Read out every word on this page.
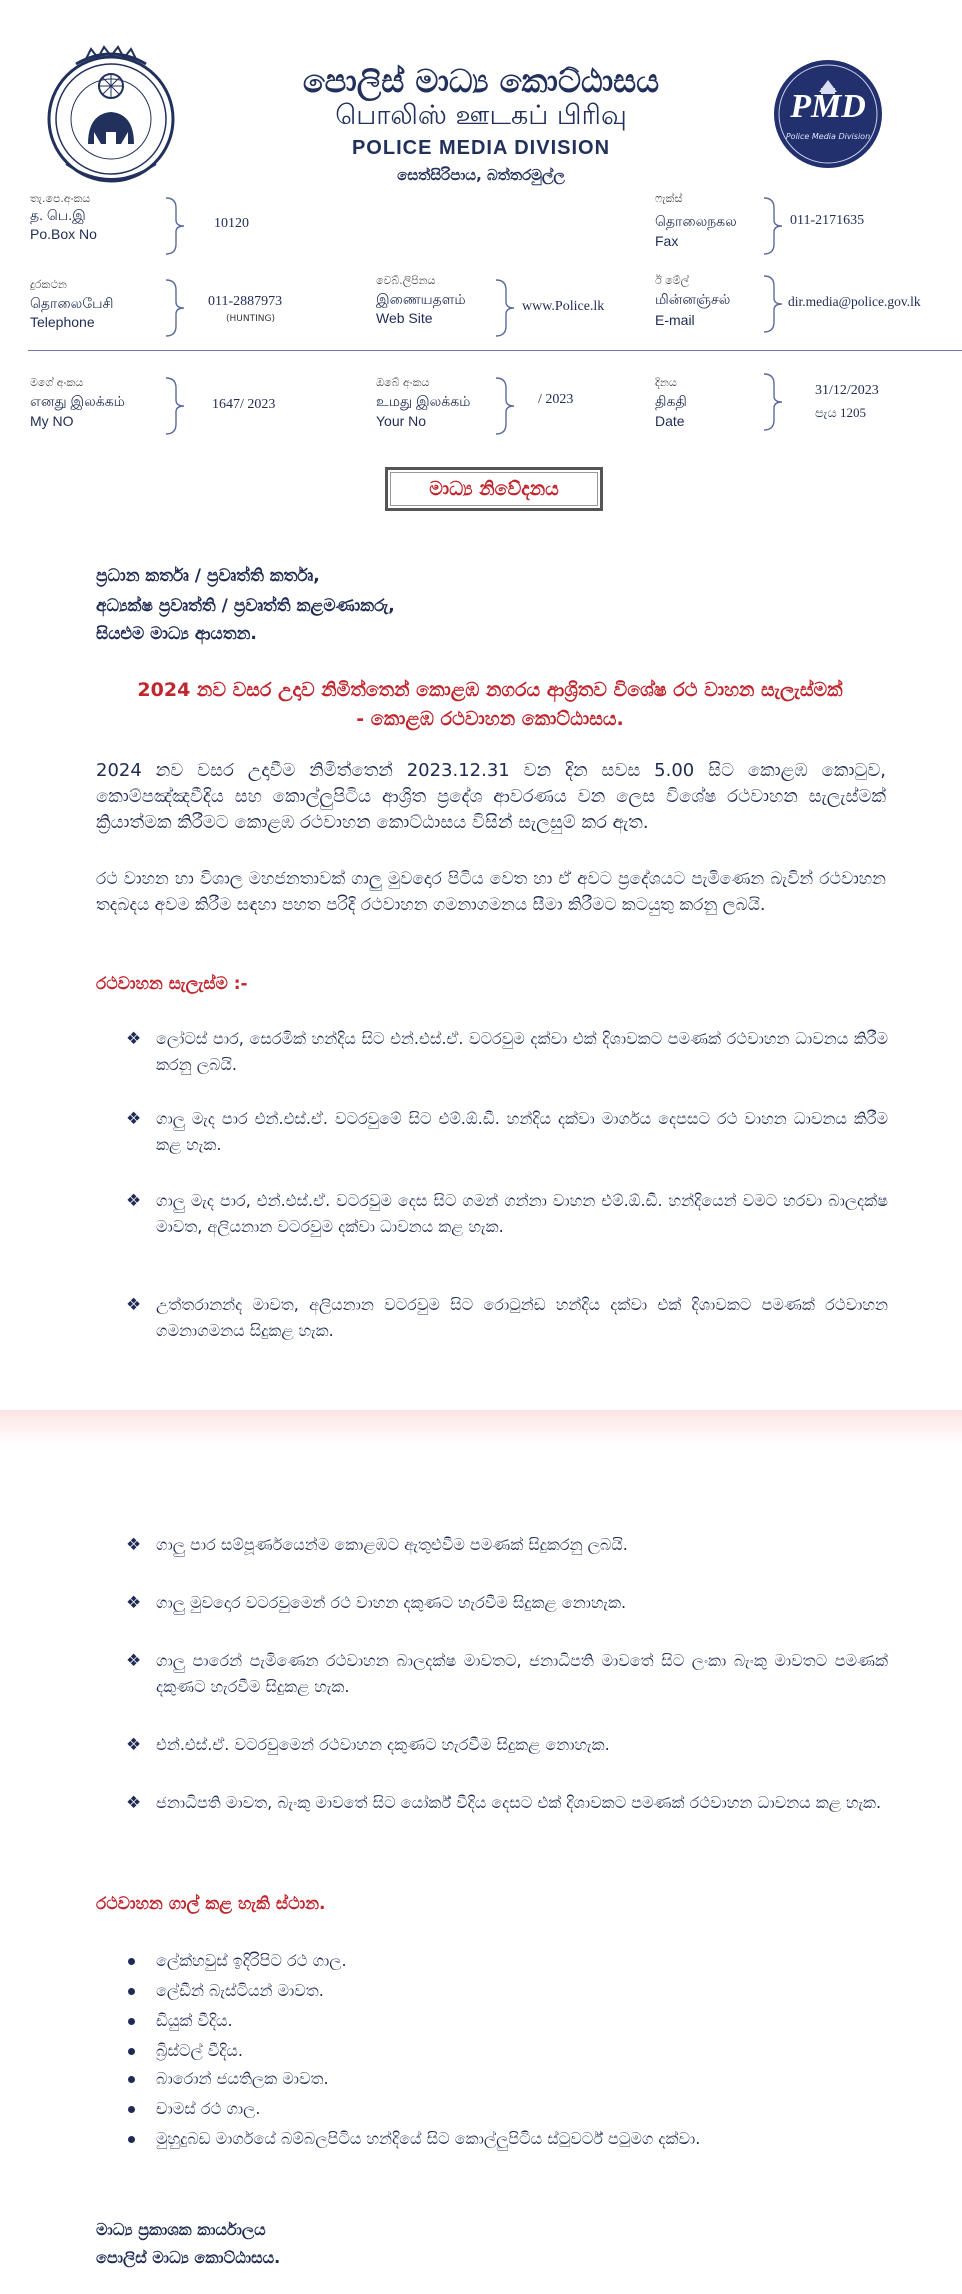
PMD
Police Media Division
පොලිස් මාධ්‍ය කොට්ඨාසය
பொலிஸ் ஊடகப் பிரிவு
POLICE MEDIA DIVISION
සෙත්සිරිපාය, බත්තරමුල්ල
තැ.පෙ.අංකය
த. பெ.இ
Po.Box No
10120
ෆැක්ස්
தொலைநகல
Fax
011-2171635
දුරකථන
தொலைபேசி
Telephone
011-2887973
(HUNTING)
වෙබ්.ලිපිනය
இணையதளம்
Web Site
www.Police.lk
ඊ මේල්
மின்னஞ்சல்
E-mail
dir.media@police.gov.lk
මගේ අංකය
எனது இலக்கம்
My NO
1647/ 2023
ඔබේ අංකය
உமது இலக்கம்
Your No
/ 2023
දිනය
திகதி
Date
31/12/2023
පැය 1205
මාධ්‍ය නිවේදනය
ප්‍රධාන කර්තෘ / ප්‍රවෘත්ති කර්තෘ,
අධ්‍යක්ෂ ප්‍රවෘත්ති / ප්‍රවෘත්ති කළමණාකරු,
සියළුම මාධ්‍ය ආයතන.
2024 නව වසර උදාව නිමිත්තෙන් කොළඹ නගරය ආශ්‍රිතව විශේෂ රථ වාහන සැලැස්මක්
- කොළඹ රථවාහන කොට්ඨාසය.
2024 නව වසර උදාවීම නිමිත්තෙන් 2023.12.31 වන දින සවස 5.00 සිට කොළඹ කොටුව, කොම්පඤ්ඤවීදිය සහ කොල්ලුපිටිය ආශ්‍රිත ප්‍රදේශ ආවරණය වන ලෙස විශේෂ රථවාහන සැලැස්මක් ක්‍රියාත්මක කිරීමට කොළඹ රථවාහන කොට්ඨාසය විසින් සැලසුම් කර ඇත.
රථ වාහන හා විශාල මහජනතාවක් ගාලු මුවදොර පිටිය වෙත හා ඒ අවට ප්‍රදේශයට පැමිණෙන බැවින් රථවාහන තදබදය අවම කිරීම සඳහා පහත පරිදි රථවාහන ගමනාගමනය සීමා කිරීමට කටයුතු කරනු ලබයි.
රථවාහන සැලැස්ම :-
❖ ලෝටස් පාර, සෙරමික් හන්දිය සිට එන්.එස්.ඒ. වටරවුම දක්වා එක් දිශාවකට පමණක් රථවාහන ධාවනය කිරීම කරනු ලබයි.
❖ ගාලු මැද පාර එන්.එස්.ඒ. වටරවුමේ සිට එම්.ඕ.ඩී. හන්දිය දක්වා මාර්ගය දෙපසට රථ වාහන ධාවනය කිරීම කළ හැක.
❖ ගාලු මැද පාර, එන්.එස්.ඒ. වටරවුම දෙස සිට ගමන් ගන්නා වාහන එම්.ඕ.ඩී. හන්දියෙන් වමට හරවා බාලදක්ෂ මාවත, අලියනාන වටරවුම දක්වා ධාවනය කළ හැක.
❖ උත්තරානන්ද මාවත, අලියනාන වටරවුම සිට රොටුන්ඩ හන්දිය දක්වා එක් දිශාවකට පමණක් රථවාහන ගමනාගමනය සිදුකළ හැක.
❖ ගාලු පාර සම්පූර්ණයෙන්ම කොළඹට ඇතුළුවීම පමණක් සිදුකරනු ලබයි.
❖ ගාලු මුවදොර වටරවුමෙන් රථ වාහන දකුණට හැරවීම සිදුකළ නොහැක.
❖ ගාලු පාරෙන් පැමිණෙන රථවාහන බාලදක්ෂ මාවතට, ජනාධිපති මාවතේ සිට ලංකා බැංකු මාවතට පමණක් දකුණට හැරවීම සිදුකළ හැක.
❖ එන්.එස්.ඒ. වටරවුමෙන් රථවාහන දකුණට හැරවීම සිදුකළ නොහැක.
❖ ජනාධිපති මාවත, බැංකු මාවතේ සිට යෝර්ක් වීදිය දෙසට එක් දිශාවකට පමණක් රථවාහන ධාවනය කළ හැක.
රථවාහන ගාල් කළ හැකි ස්ථාන.
ලේක්හවුස් ඉදිරිපිට රථ ගාල.
ලේඩීන් බැස්ටියන් මාවත.
ඩියුක් වීදිය.
බ්‍රිස්ටල් වීදිය.
බාරොන් ජයතිලක මාවත.
චාමස් රථ ගාල.
මුහුදුබඩ මාර්ගයේ බම්බලපිටිය හන්දියේ සිට කොල්ලුපිටිය ස්ටුවර්ට් පටුමග දක්වා.
මාධ්‍ය ප්‍රකාශක කාර්යාලය
පොලිස් මාධ්‍ය කොට්ඨාසය.
